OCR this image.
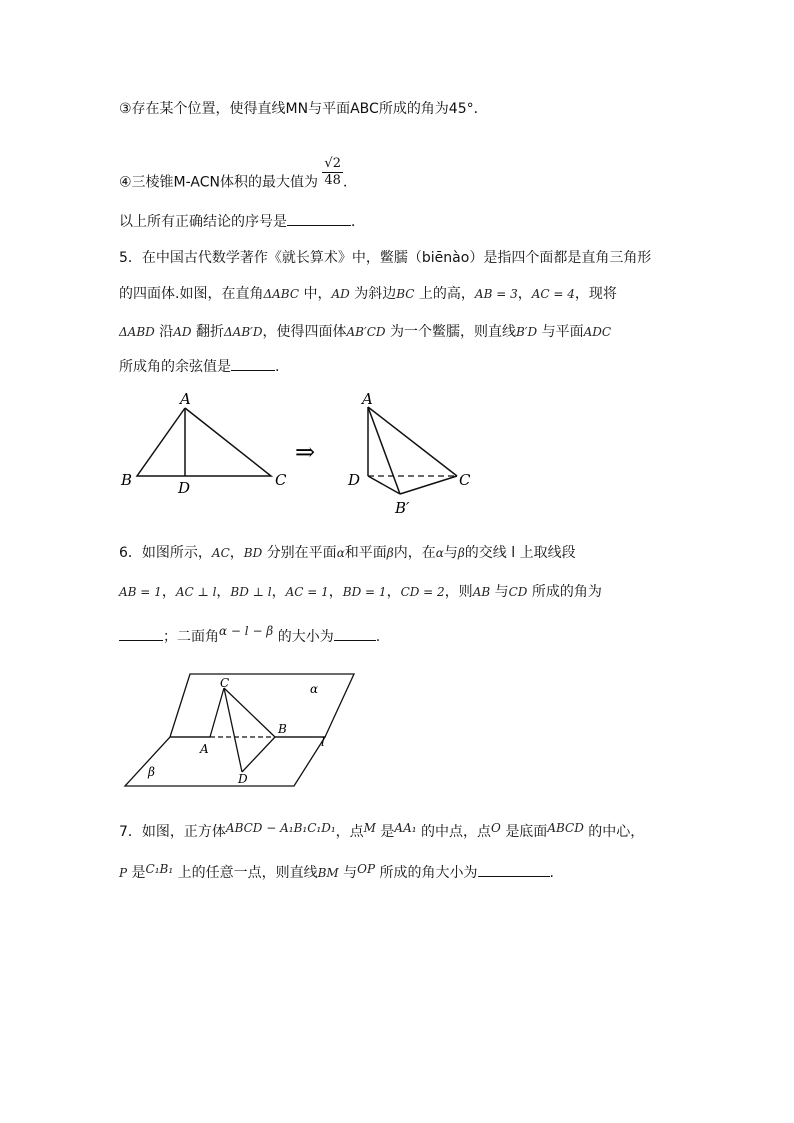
③存在某个位置，使得直线MN与平面ABC所成的角为45°．
④三棱锥M-ACN体积的最大值为 $\frac{√2}{48}$ ．
以上所有正确结论的序号是	．
5．在中国古代数学著作《就长算术》中，鳖臑（biēnào）是指四个面都是直角三角形
的四面体.如图，在直角ΔABC 中，AD 为斜边BC 上的高，AB = 3，AC = 4，现将
ΔABD 沿AD 翻折ΔAB′D，使得四面体AB′CD 为一个鳖臑，则直线B′D 与平面ADC
所成角的余弦值是	.
A
B	D	C
⇒
A
D	C
B′
6．如图所示，AC，BD 分别在平面α和平面β内，在α与β的交线 l 上取线段
AB = 1，AC ⊥ l，BD ⊥ l，AC = 1，BD = 1，CD = 2，则AB 与CD 所成的角为
；二面角α − l − β 的大小为	.
C	α
B
A	l
β	D
7．如图，正方体ABCD − A₁B₁C₁D₁，点M 是AA₁ 的中点，点O 是底面ABCD 的中心，
P 是C₁B₁ 上的任意一点，则直线BM 与OP 所成的角大小为	.
